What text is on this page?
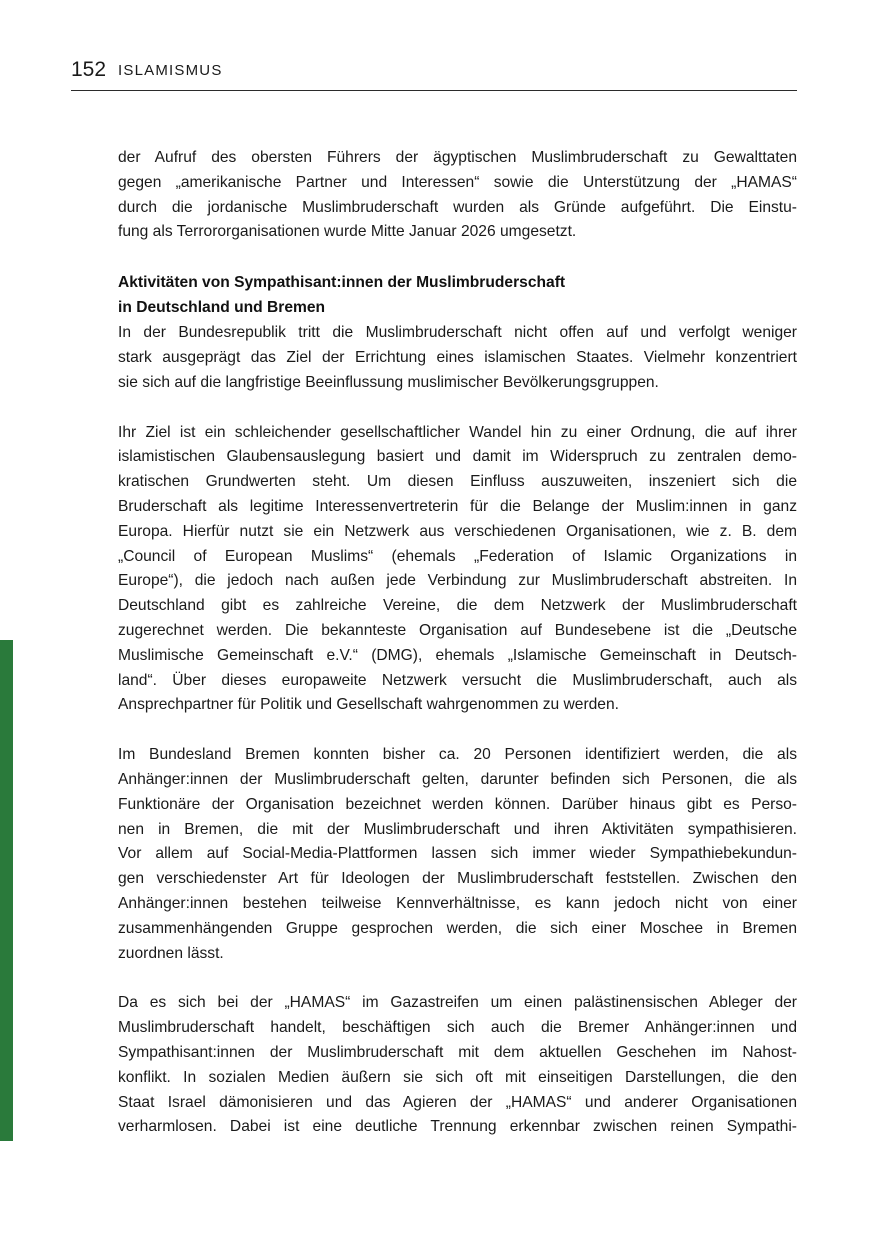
152 ISLAMISMUS
der Aufruf des obersten Führers der ägyptischen Muslimbruderschaft zu Gewalttaten
gegen „amerikanische Partner und Interessen“ sowie die Unterstützung der „HAMAS“
durch die jordanische Muslimbruderschaft wurden als Gründe aufgeführt. Die Einstu-
fung als Terrororganisationen wurde Mitte Januar 2026 umgesetzt.
Aktivitäten von Sympathisant:innen der Muslimbruderschaft
in Deutschland und Bremen
In der Bundesrepublik tritt die Muslimbruderschaft nicht offen auf und verfolgt weniger
stark ausgeprägt das Ziel der Errichtung eines islamischen Staates. Vielmehr konzentriert
sie sich auf die langfristige Beeinflussung muslimischer Bevölkerungsgruppen.
Ihr Ziel ist ein schleichender gesellschaftlicher Wandel hin zu einer Ordnung, die auf ihrer
islamistischen Glaubensauslegung basiert und damit im Widerspruch zu zentralen demo-
kratischen Grundwerten steht. Um diesen Einfluss auszuweiten, inszeniert sich die
Bruderschaft als legitime Interessenvertreterin für die Belange der Muslim:innen in ganz
Europa. Hierfür nutzt sie ein Netzwerk aus verschiedenen Organisationen, wie z. B. dem
„Council of European Muslims“ (ehemals „Federation of Islamic Organizations in
Europe“), die jedoch nach außen jede Verbindung zur Muslimbruderschaft abstreiten. In
Deutschland gibt es zahlreiche Vereine, die dem Netzwerk der Muslimbruderschaft
zugerechnet werden. Die bekannteste Organisation auf Bundesebene ist die „Deutsche
Muslimische Gemeinschaft e.V.“ (DMG), ehemals „Islamische Gemeinschaft in Deutsch-
land“. Über dieses europaweite Netzwerk versucht die Muslimbruderschaft, auch als
Ansprechpartner für Politik und Gesellschaft wahrgenommen zu werden.
Im Bundesland Bremen konnten bisher ca. 20 Personen identifiziert werden, die als
Anhänger:innen der Muslimbruderschaft gelten, darunter befinden sich Personen, die als
Funktionäre der Organisation bezeichnet werden können. Darüber hinaus gibt es Perso-
nen in Bremen, die mit der Muslimbruderschaft und ihren Aktivitäten sympathisieren.
Vor allem auf Social-Media-Plattformen lassen sich immer wieder Sympathiebekundun-
gen verschiedenster Art für Ideologen der Muslimbruderschaft feststellen. Zwischen den
Anhänger:innen bestehen teilweise Kennverhältnisse, es kann jedoch nicht von einer
zusammenhängenden Gruppe gesprochen werden, die sich einer Moschee in Bremen
zuordnen lässt.
Da es sich bei der „HAMAS“ im Gazastreifen um einen palästinensischen Ableger der
Muslimbruderschaft handelt, beschäftigen sich auch die Bremer Anhänger:innen und
Sympathisant:innen der Muslimbruderschaft mit dem aktuellen Geschehen im Nahost-
konflikt. In sozialen Medien äußern sie sich oft mit einseitigen Darstellungen, die den
Staat Israel dämonisieren und das Agieren der „HAMAS“ und anderer Organisationen
verharmlosen. Dabei ist eine deutliche Trennung erkennbar zwischen reinen Sympathi-
